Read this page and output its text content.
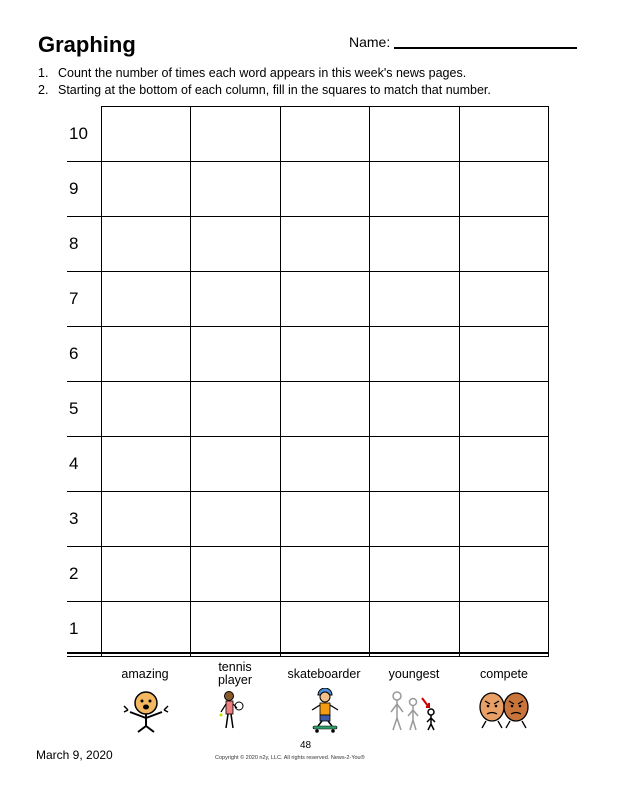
Graphing	Name:
1. Count the number of times each word appears in this week's news pages.
2. Starting at the bottom of each column, fill in the squares to match that number.
10					
9					
8					
7					
6					
5					
4					
3					
2					
1					
amazing	tennis player	skateboarder	youngest	compete
March 9, 2020
48
Copyright © 2020 n2y, LLC. All rights reserved. News-2-You®
